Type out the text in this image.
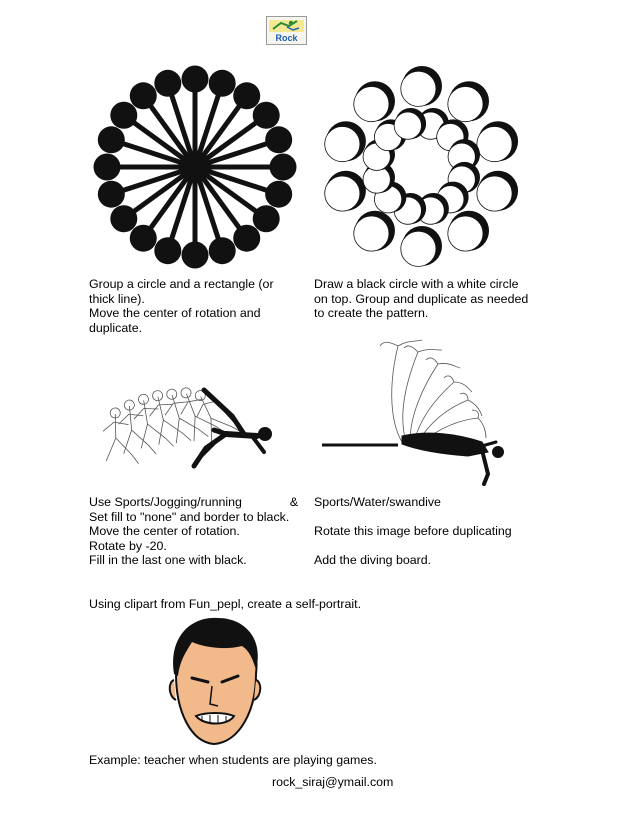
Rock
Group a circle and a rectangle (or
thick line).
Move the center of rotation and
duplicate.
Draw a black circle with a white circle
on top. Group and duplicate as needed
to create the pattern.
Use Sports/Jogging/running	&
Set fill to "none" and border to black.
Move the center of rotation.
Rotate by -20.
Fill in the last one with black.
Sports/Water/swandive
Rotate this image before duplicating
Add the diving board.
Using clipart from Fun_pepl, create a self-portrait.
Example: teacher when students are playing games.
rock_siraj@ymail.com
